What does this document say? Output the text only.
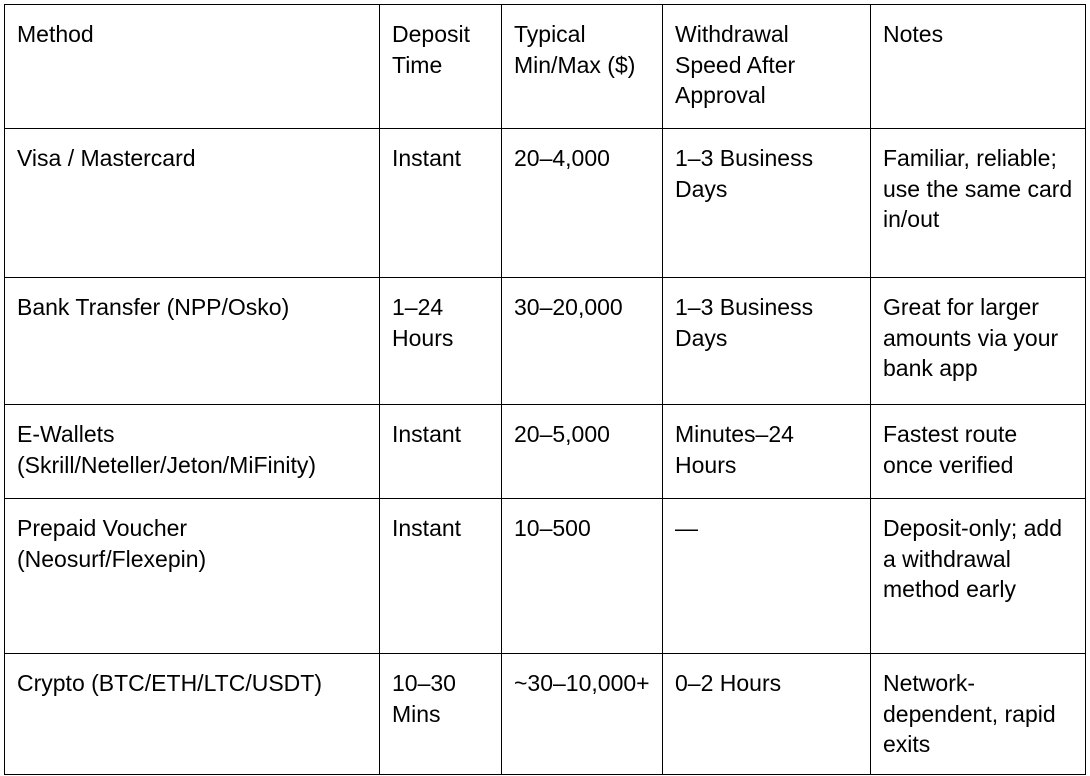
Method	Deposit Time	Typical Min/Max ($)	Withdrawal Speed After Approval	Notes
Visa / Mastercard	Instant	20–4,000	1–3 Business Days	Familiar, reliable; use the same card in/out
Bank Transfer (NPP/Osko)	1–24 Hours	30–20,000	1–3 Business Days	Great for larger amounts via your bank app
E-Wallets (Skrill/Neteller/Jeton/MiFinity)	Instant	20–5,000	Minutes–24 Hours	Fastest route once verified
Prepaid Voucher (Neosurf/Flexepin)	Instant	10–500	—	Deposit-only; add a withdrawal method early
Crypto (BTC/ETH/LTC/USDT)	10–30 Mins	~30–10,000+	0–2 Hours	Network-dependent, rapid exits
